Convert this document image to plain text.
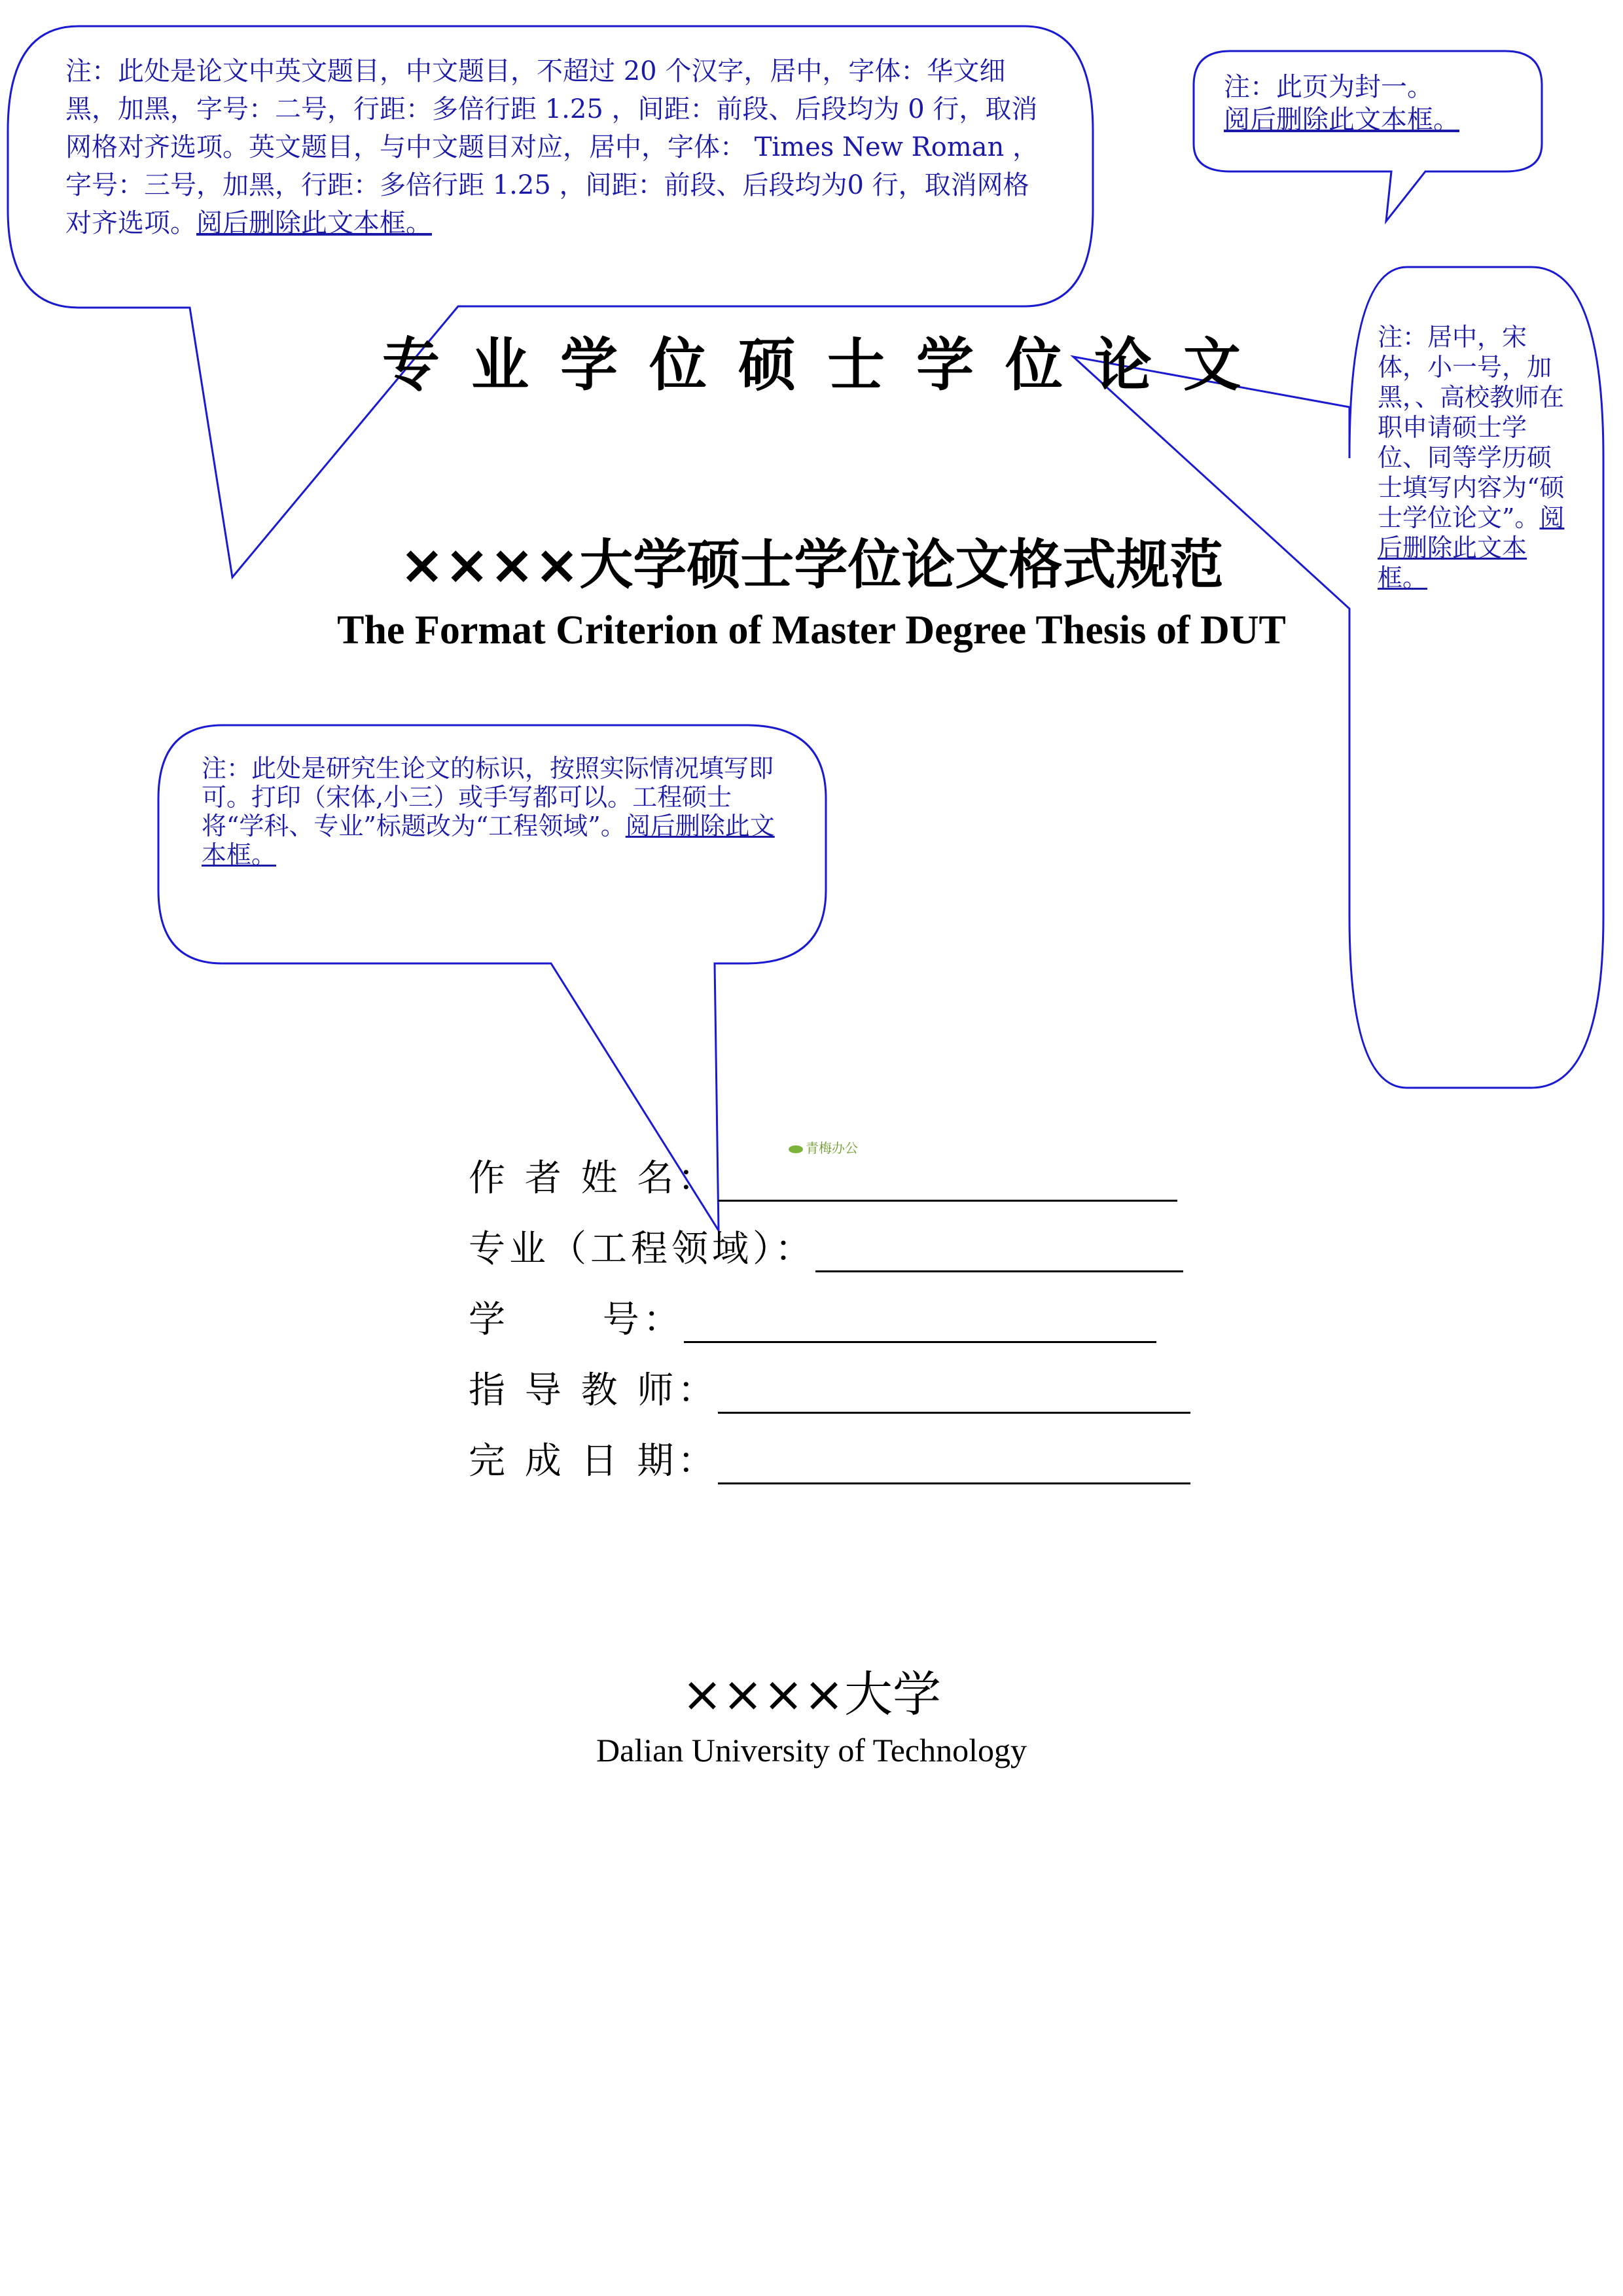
注：此处是论文中英文题目，中文题目，不超过 20 个汉字，居中，字体：华文细黑，加黑，字号：二号，行距：多倍行距 1.25 ，间距：前段、后段均为 0 行，取消网格对齐选项。英文题目，与中文题目对应，居中，字体： Times New Roman ，字号：三号，加黑，行距：多倍行距 1.25 ，间距：前段、后段均为0 行，取消网格对齐选项。阅后删除此文本框。
注：此页为封一。
阅后删除此文本框。
注：居中，宋体，小一号，加黑，、高校教师在职申请硕士学位、同等学历硕士填写内容为“硕士学位论文”。阅后删除此文本框。
注：此处是研究生论文的标识，按照实际情况填写即可。打印（宋体,小三）或手写都可以。工程硕士将“学科、专业”标题改为“工程领域”。阅后删除此文本框。
专业学位硕士学位论文
××××大学硕士学位论文格式规范
The Format Criterion of Master Degree Thesis of DUT
青梅办公
作 者 姓 名：
专业（工程领域）：
学      号：
指 导 教 师：
完 成 日 期：
××××大学
Dalian University of Technology
